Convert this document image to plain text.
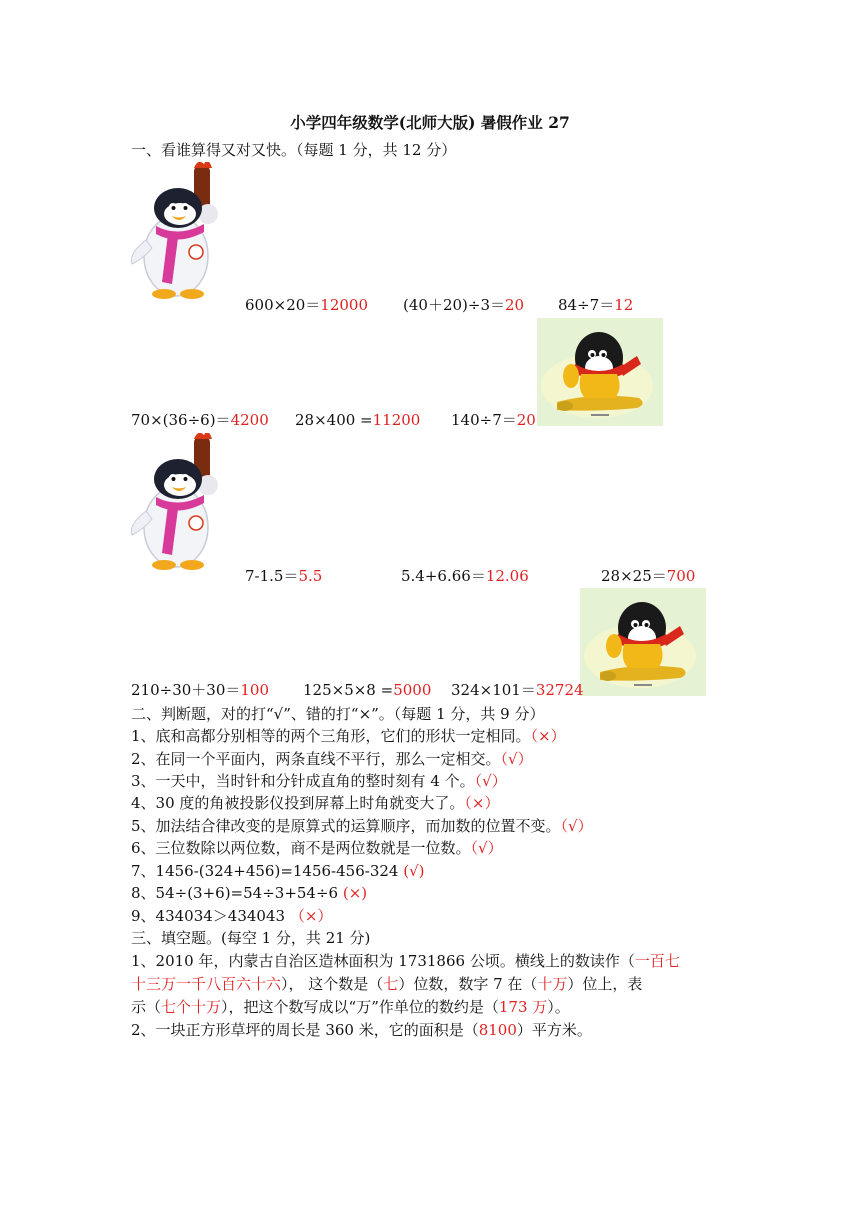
小学四年级数学(北师大版) 暑假作业 27
一、看谁算得又对又快。（每题 1 分，共 12 分）
600×20＝12000 (40＋20)÷3＝20 84÷7＝12
70×(36÷6)＝4200 28×400 =11200 140÷7＝20
7-1.5＝5.5	5.4+6.66＝12.06	28×25＝700
210÷30＋30＝100 125×5×8 =5000 324×101＝32724
二、判断题，对的打“√”、错的打“×”。（每题 1 分，共 9 分）
1、底和高都分别相等的两个三角形，它们的形状一定相同。（×）
2、在同一个平面内，两条直线不平行，那么一定相交。（√）
3、一天中，当时针和分针成直角的整时刻有 4 个。（√）
4、30 度的角被投影仪投到屏幕上时角就变大了。（×）
5、加法结合律改变的是原算式的运算顺序，而加数的位置不变。（√）
6、三位数除以两位数，商不是两位数就是一位数。（√）
7、1456-(324+456)=1456-456-324 (√)
8、54÷(3+6)=54÷3+54÷6 (×)
9、434034＞434043 （×）
三、填空题。(每空 1 分，共 21 分)
1、2010 年，内蒙古自治区造林面积为 1731866 公顷。横线上的数读作（一百七
十三万一千八百六十六）， 这个数是（七）位数，数字 7 在（十万）位上，表
示（七个十万），把这个数写成以“万”作单位的数约是（173 万）。
2、一块正方形草坪的周长是 360 米，它的面积是（8100）平方米。
